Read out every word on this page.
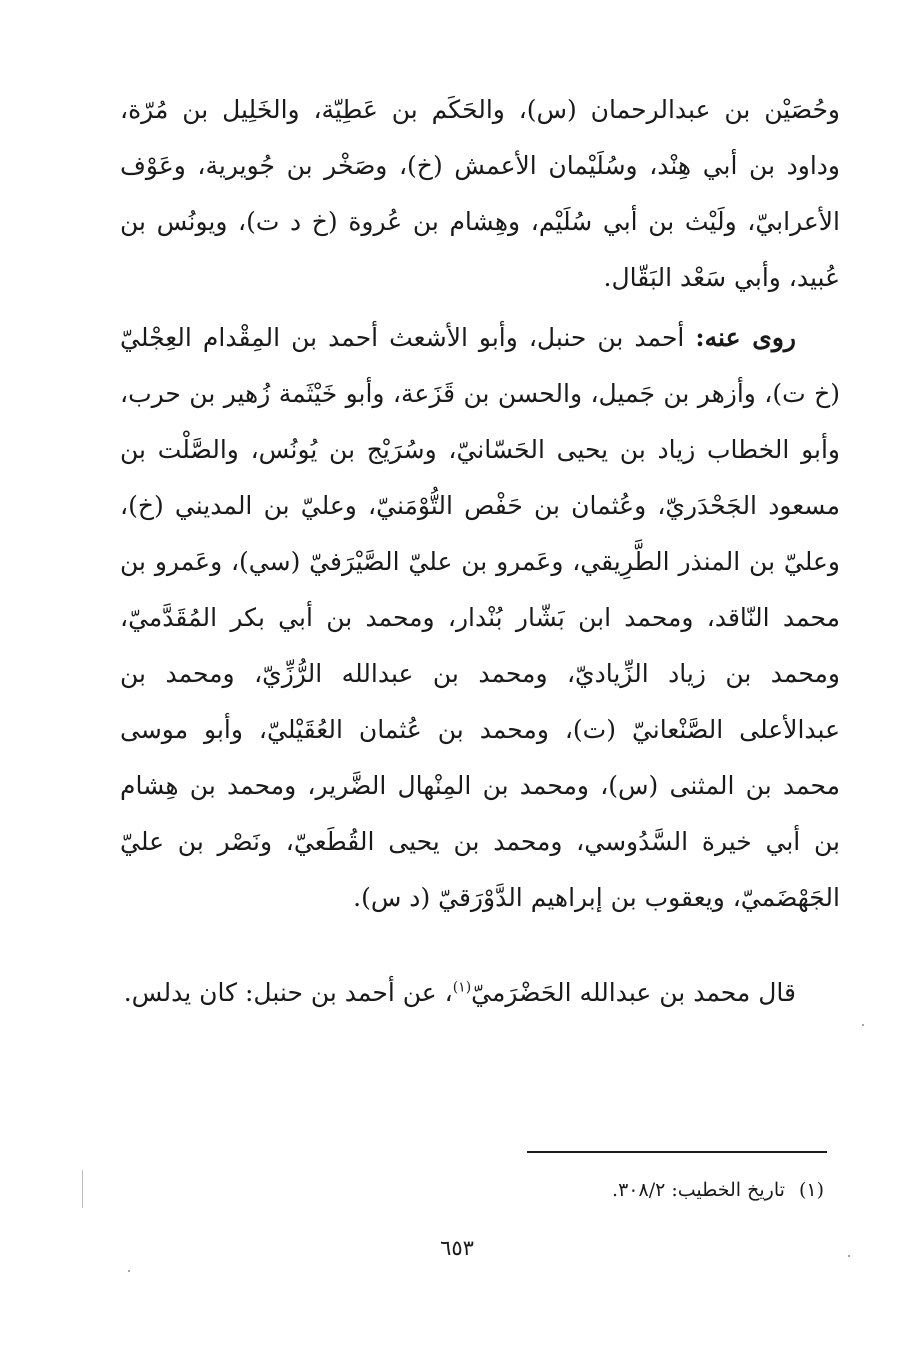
وحُصَيْن بن عبدالرحمان (س)، والحَكَم بن عَطِيّة، والخَلِيل بن مُرّة، وداود بن أبي هِنْد، وسُلَيْمان الأعمش (خ)، وصَخْر بن جُويرية، وعَوْف الأعرابيّ، ولَيْث بن أبي سُلَيْم، وهِشام بن عُروة (خ د ت)، ويونُس بن عُبيد، وأبي سَعْد البَقّال.

روى عنه: أحمد بن حنبل، وأبو الأشعث أحمد بن المِقْدام العِجْليّ (خ ت)، وأزهر بن جَميل، والحسن بن قَزَعة، وأبو خَيْثَمة زُهير بن حرب، وأبو الخطاب زياد بن يحيى الحَسّانيّ، وسُرَيْج بن يُونُس، والصَّلْت بن مسعود الجَحْدَريّ، وعُثمان بن حَفْص التُّوْمَنيّ، وعليّ بن المديني (خ)، وعليّ بن المنذر الطَّرِيقي، وعَمرو بن عليّ الصَّيْرَفيّ (سي)، وعَمرو بن محمد النّاقد، ومحمد ابن بَشّار بُنْدار، ومحمد بن أبي بكر المُقَدَّميّ، ومحمد بن زياد الزِّياديّ، ومحمد بن عبدالله الرُّزِّيّ، ومحمد بن عبدالأعلى الصَّنْعانيّ (ت)، ومحمد بن عُثمان العُقَيْليّ، وأبو موسى محمد بن المثنى (س)، ومحمد بن المِنْهال الضَّرير، ومحمد بن هِشام بن أبي خيرة السَّدُوسي، ومحمد بن يحيى القُطَعيّ، ونَصْر بن عليّ الجَهْضَميّ، ويعقوب بن إبراهيم الدَّوْرَقيّ (د س).

قال محمد بن عبدالله الحَضْرَميّ$^{(١)}$، عن أحمد بن حنبل: كان يدلس.

(١)تاريخ الخطيب: ٣٠٨/٢.
٦٥٣
